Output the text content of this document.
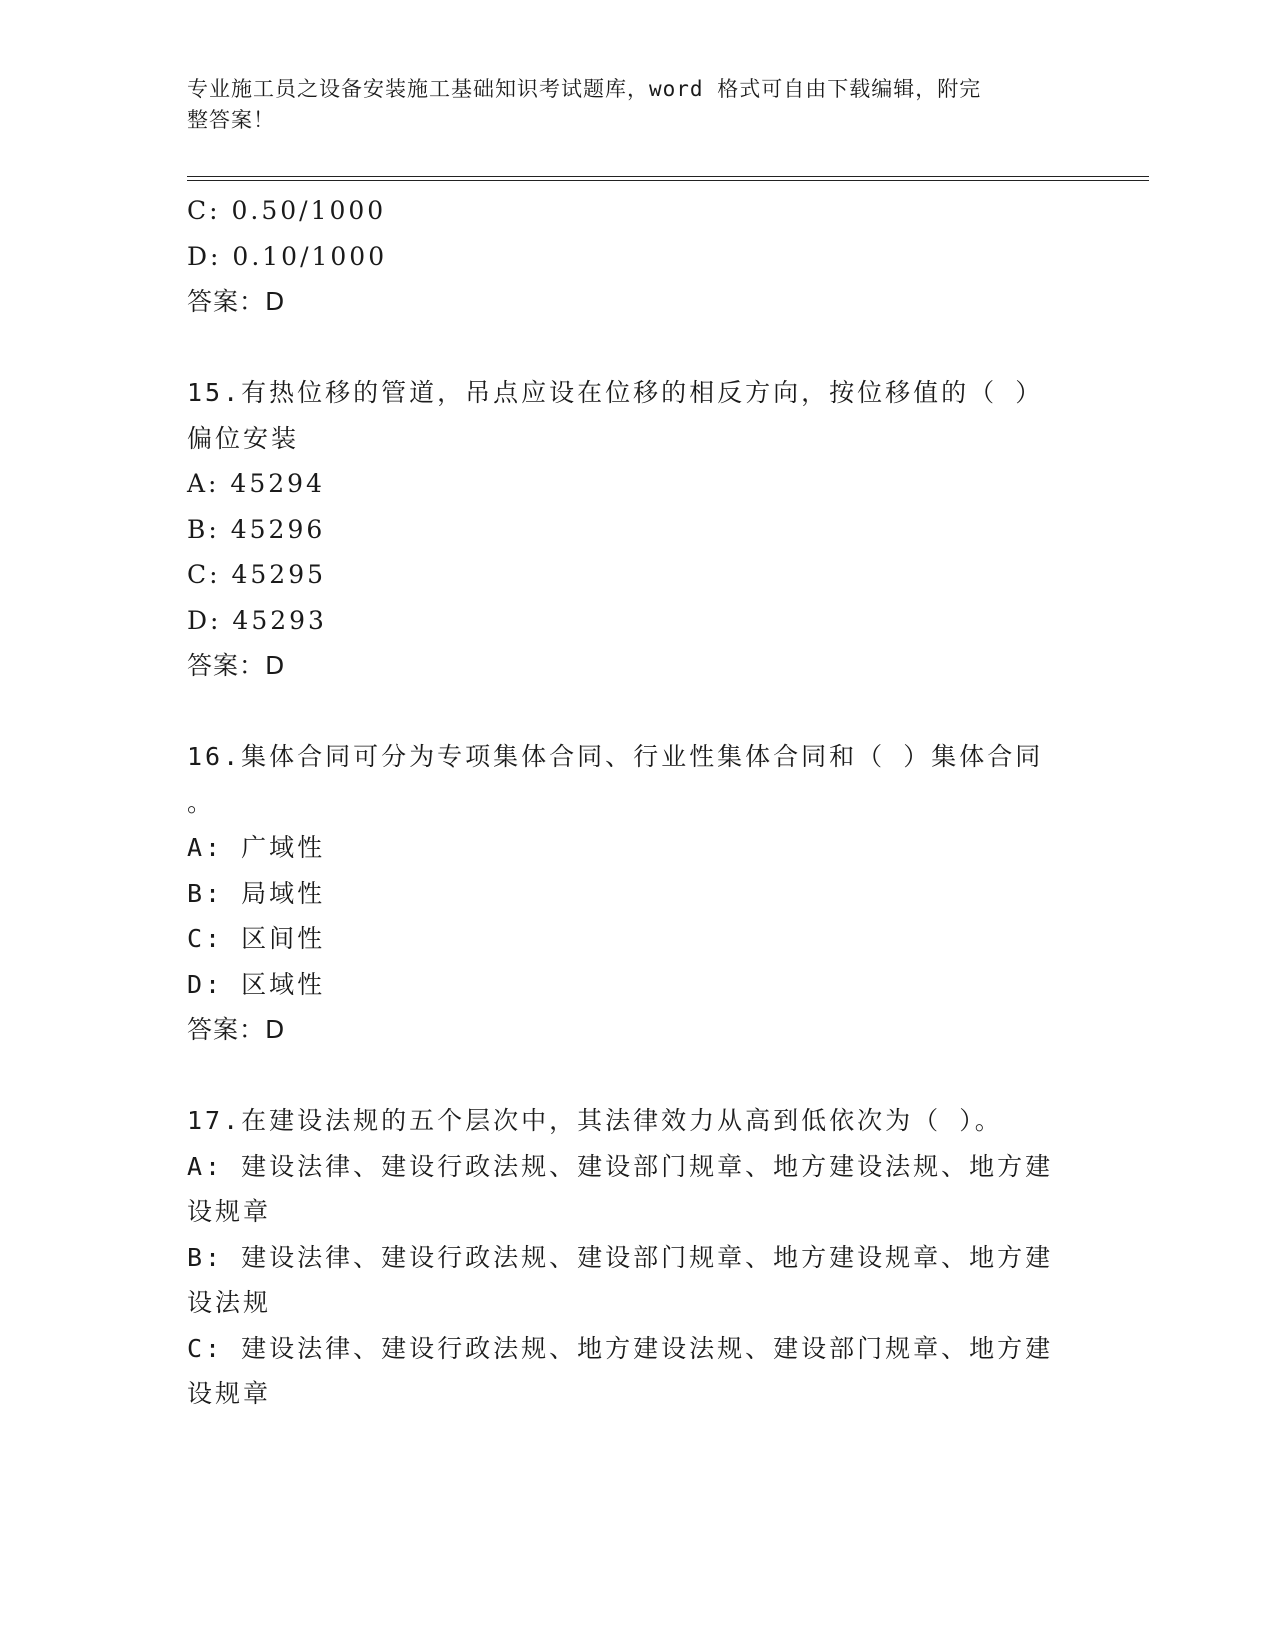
专业施工员之设备安装施工基础知识考试题库，word 格式可自由下载编辑，附完
整答案！
C: 0.50/1000
D: 0.10/1000
答案：D
15.有热位移的管道，吊点应设在位移的相反方向，按位移值的（ ）
偏位安装
A: 45294
B: 45296
C: 45295
D: 45293
答案：D
16.集体合同可分为专项集体合同、行业性集体合同和（ ）集体合同
。
A: 广域性
B: 局域性
C: 区间性
D: 区域性
答案：D
17.在建设法规的五个层次中，其法律效力从高到低依次为（ ）。
A: 建设法律、建设行政法规、建设部门规章、地方建设法规、地方建
设规章
B: 建设法律、建设行政法规、建设部门规章、地方建设规章、地方建
设法规
C: 建设法律、建设行政法规、地方建设法规、建设部门规章、地方建
设规章
